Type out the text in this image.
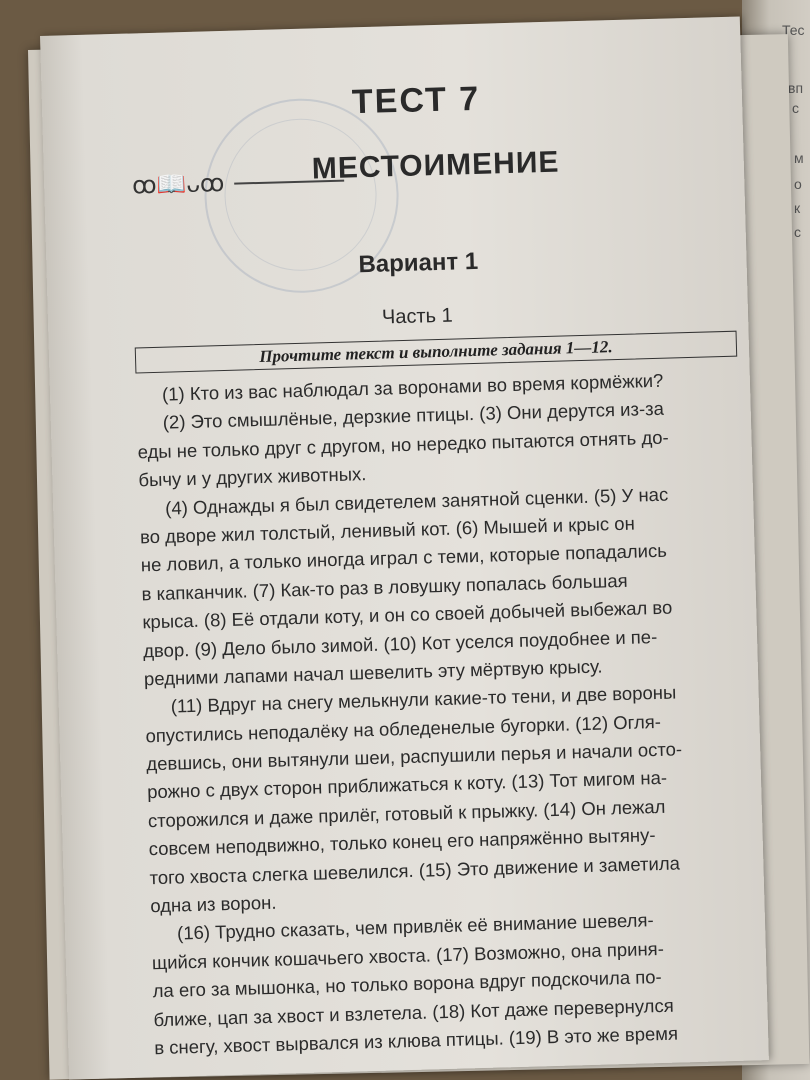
Тес
вп
с
м
о
к
с
ТЕСТ 7
ꝏ📖ᴗꝏ	МЕСТОИМЕНИЕ
Вариант 1
Часть 1
Прочтите текст и выполните задания 1—12.
(1) Кто из вас наблюдал за воронами во время кормёжки?
(2) Это смышлёные, дерзкие птицы. (3) Они дерутся из-за
еды не только друг с другом, но нередко пытаются отнять до-
бычу и у других животных.
(4) Однажды я был свидетелем занятной сценки. (5) У нас
во дворе жил толстый, ленивый кот. (6) Мышей и крыс он
не ловил, а только иногда играл с теми, которые попадались
в капканчик. (7) Как-то раз в ловушку попалась большая
крыса. (8) Её отдали коту, и он со своей добычей выбежал во
двор. (9) Дело было зимой. (10) Кот уселся поудобнее и пе-
редними лапами начал шевелить эту мёртвую крысу.
(11) Вдруг на снегу мелькнули какие-то тени, и две вороны
опустились неподалёку на обледенелые бугорки. (12) Огля-
девшись, они вытянули шеи, распушили перья и начали осто-
рожно с двух сторон приближаться к коту. (13) Тот мигом на-
сторожился и даже прилёг, готовый к прыжку. (14) Он лежал
совсем неподвижно, только конец его напряжённо вытяну-
того хвоста слегка шевелился. (15) Это движение и заметила
одна из ворон.
(16) Трудно сказать, чем привлёк её внимание шевеля-
щийся кончик кошачьего хвоста. (17) Возможно, она приня-
ла его за мышонка, но только ворона вдруг подскочила по-
ближе, цап за хвост и взлетела. (18) Кот даже перевернулся
в снегу, хвост вырвался из клюва птицы. (19) В это же время
